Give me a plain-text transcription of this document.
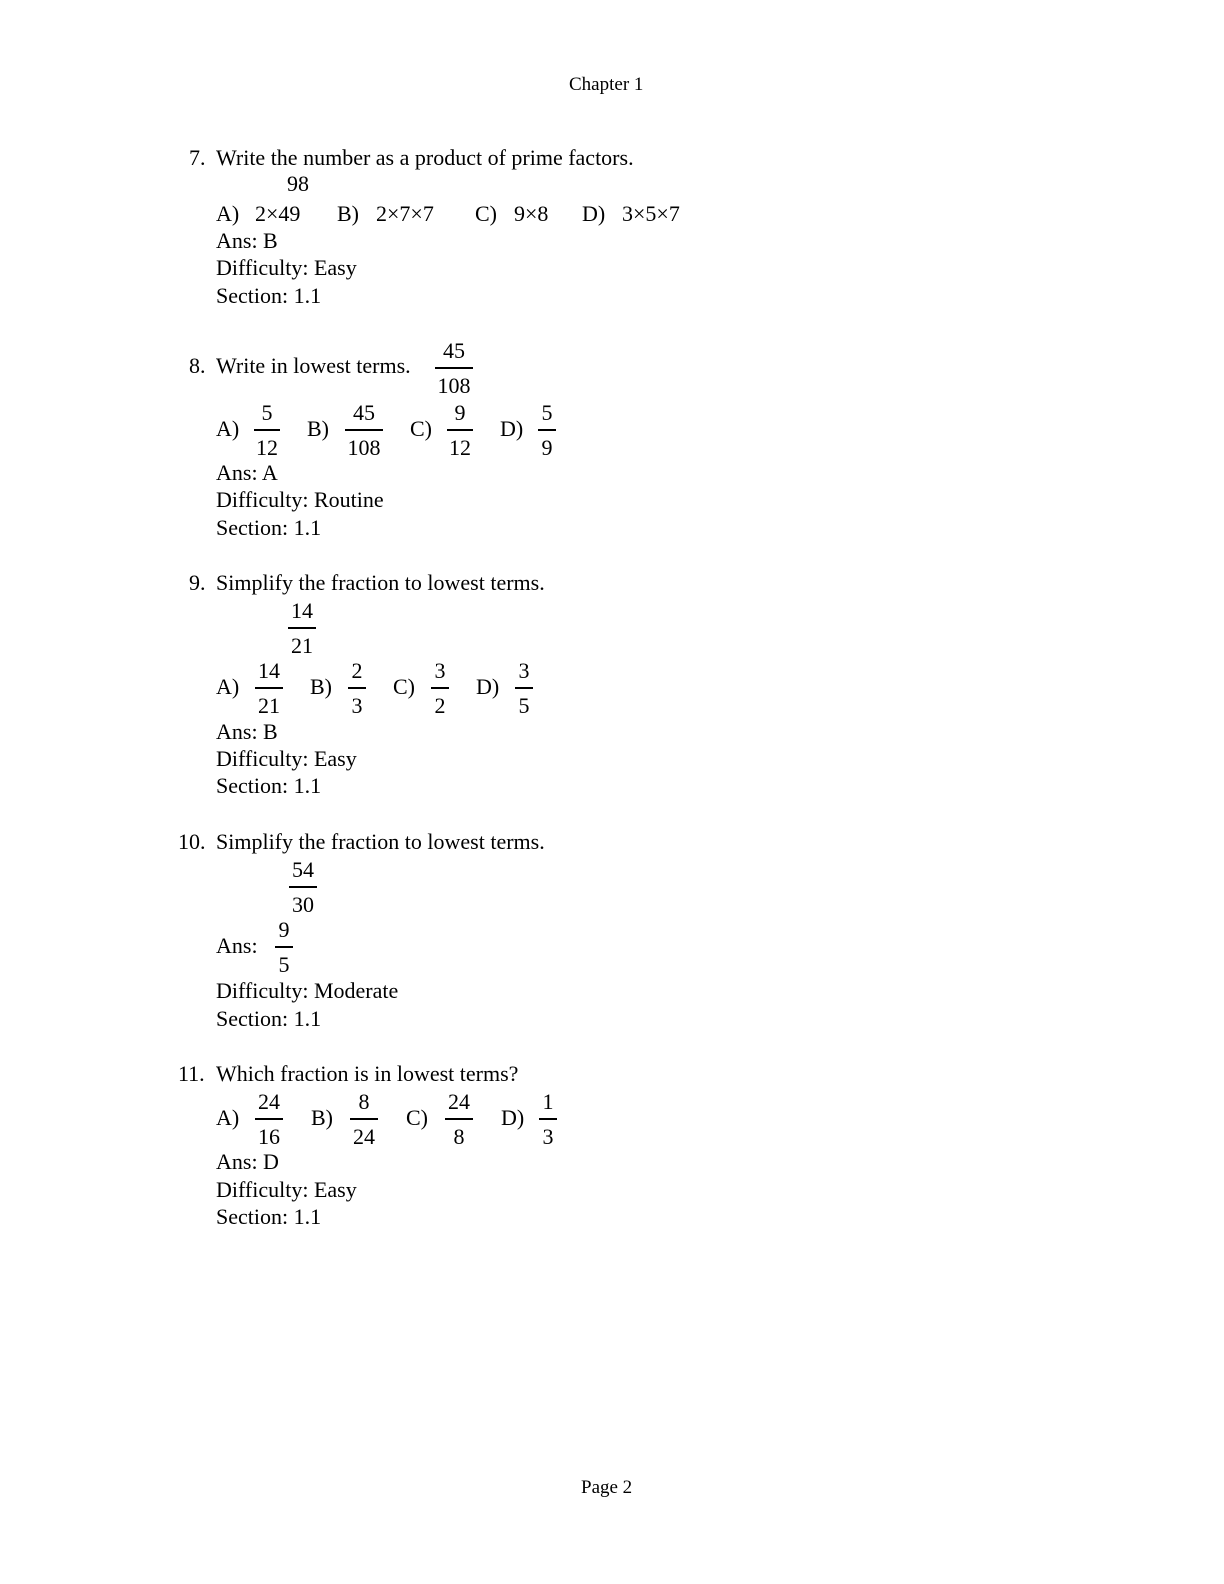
Chapter 1
7. Write the number as a product of prime factors.
98
A) 2×49 B) 2×7×7 C) 9×8 D) 3×5×7
Ans: B
Difficulty: Easy
Section: 1.1
8. Write in lowest terms.
45
108
A)
5
12
B)
45
108
C)
9
12
D)
5
9
Ans: A
Difficulty: Routine
Section: 1.1
9. Simplify the fraction to lowest terms.
14
21
A)
14
21
B)
2
3
C)
3
2
D)
3
5
Ans: B
Difficulty: Easy
Section: 1.1
10. Simplify the fraction to lowest terms.
54
30
Ans:
9
5
Difficulty: Moderate
Section: 1.1
11. Which fraction is in lowest terms?
A)
24
16
B)
8
24
C)
24
8
D)
1
3
Ans: D
Difficulty: Easy
Section: 1.1
Page 2
